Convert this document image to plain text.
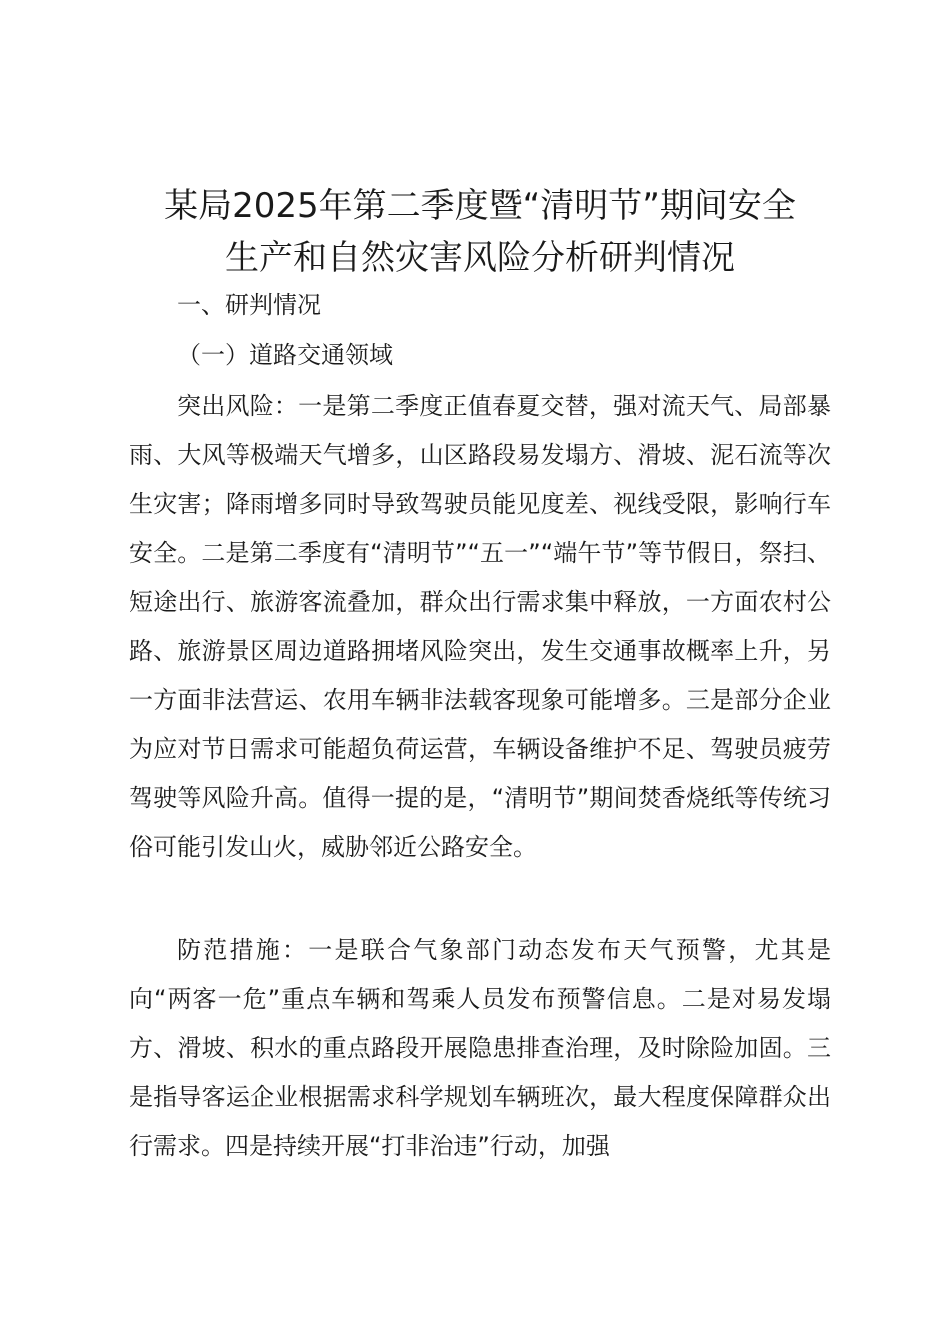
某局2025年第二季度暨“清明节”期间安全
生产和自然灾害风险分析研判情况

一、研判情况

（一）道路交通领域

突出风险：一是第二季度正值春夏交替，强对流天气、局部暴雨、大风等极端天气增多，山区路段易发塌方、滑坡、泥石流等次生灾害；降雨增多同时导致驾驶员能见度差、视线受限，影响行车安全。二是第二季度有“清明节”“五一”“端午节”等节假日，祭扫、短途出行、旅游客流叠加，群众出行需求集中释放，一方面农村公路、旅游景区周边道路拥堵风险突出，发生交通事故概率上升，另一方面非法营运、农用车辆非法载客现象可能增多。三是部分企业为应对节日需求可能超负荷运营，车辆设备维护不足、驾驶员疲劳驾驶等风险升高。值得一提的是，“清明节”期间焚香烧纸等传统习俗可能引发山火，威胁邻近公路安全。

防范措施：一是联合气象部门动态发布天气预警，尤其是向“两客一危”重点车辆和驾乘人员发布预警信息。二是对易发塌方、滑坡、积水的重点路段开展隐患排查治理，及时除险加固。三是指导客运企业根据需求科学规划车辆班次，最大程度保障群众出行需求。四是持续开展“打非治违”行动，加强
